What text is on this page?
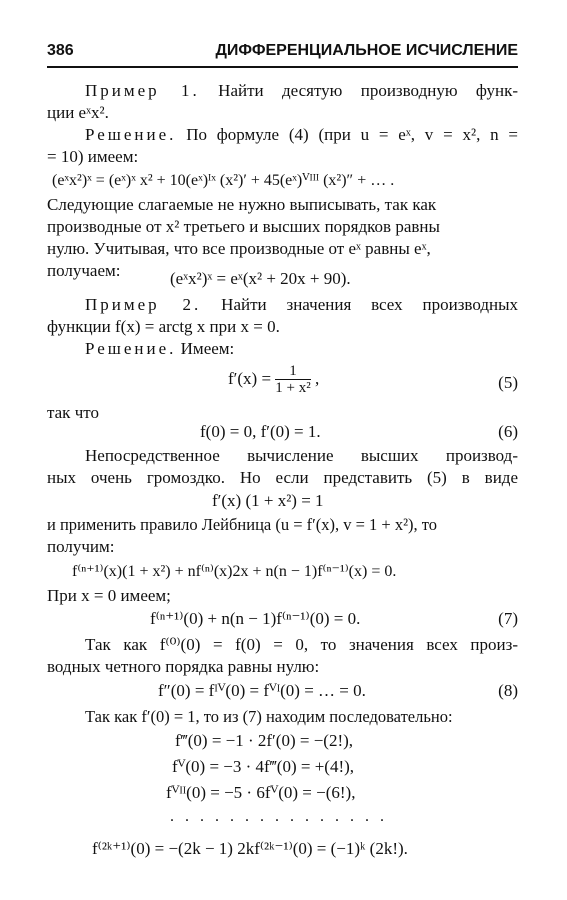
386	ДИФФЕРЕНЦИАЛЬНОЕ ИСЧИСЛЕНИЕ
Пример 1. Найти десятую производную функ-
ции eˣx².
Решение. По формуле (4) (при u = eˣ, v = x², n =
= 10) имеем:
(eˣx²)ˣ = (eˣ)ˣ x² + 10(eˣ)ᴵˣ (x²)′ + 45(eˣ)ⱽᴵᴵᴵ (x²)″ + … .
Следующие слагаемые не нужно выписывать, так как
производные от x² третьего и высших порядков равны
нулю. Учитывая, что все производные от eˣ равны eˣ,
получаем:	(eˣx²)ˣ = eˣ(x² + 20x + 90).
Пример 2. Найти значения всех производных
функции f(x) = arctg x при x = 0.
Решение. Имеем:
$f'(x) = \frac{1}{\text{1 + x²}}$ ,	(5)
так что
f(0) = 0, f′(0) = 1.	(6)
Непосредственное вычисление высших производ-
ных очень громоздко. Но если представить (5) в виде
f′(x) (1 + x²) = 1
и применить правило Лейбница (u = f′(x), v = 1 + x²), то
получим:
f⁽ⁿ⁺¹⁾(x)(1 + x²) + nf⁽ⁿ⁾(x)2x + n(n − 1)f⁽ⁿ⁻¹⁾(x) = 0.
При x = 0 имеем;
f⁽ⁿ⁺¹⁾(0) + n(n − 1)f⁽ⁿ⁻¹⁾(0) = 0.	(7)
Так как f⁽⁰⁾(0) = f(0) = 0, то значения всех произ-
водных четного порядка равны нулю:
f″(0) = fᴵⱽ(0) = fⱽᴵ(0) = … = 0.	(8)
Так как f′(0) = 1, то из (7) находим последовательно:
f‴(0) = −1 · 2f′(0) = −(2!),
fⱽ(0) = −3 · 4f‴(0) = +(4!),
fⱽᴵᴵ(0) = −5 · 6fⱽ(0) = −(6!),
...............
f⁽²ᵏ⁺¹⁾(0) = −(2k − 1) 2kf⁽²ᵏ⁻¹⁾(0) = (−1)ᵏ (2k!).
